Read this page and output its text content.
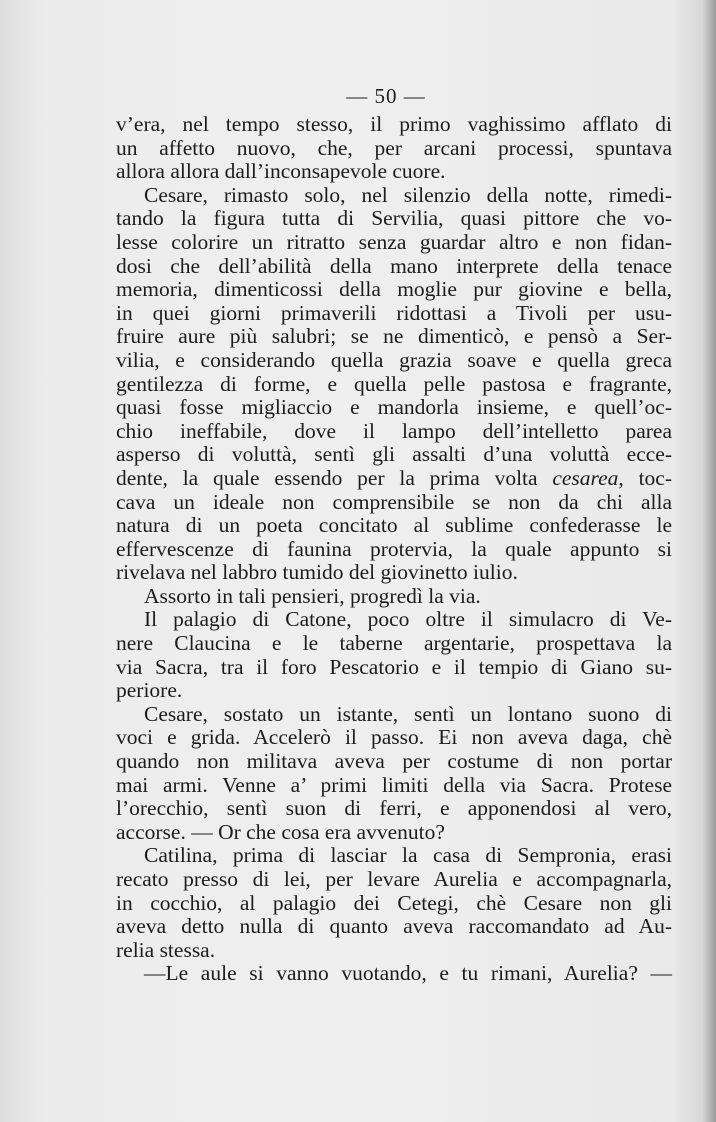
— 50 —
v’era, nel tempo stesso, il primo vaghissimo afflato di
un affetto nuovo, che, per arcani processi, spuntava
allora allora dall’inconsapevole cuore.
Cesare, rimasto solo, nel silenzio della notte, rimedi-
tando la figura tutta di Servilia, quasi pittore che vo-
lesse colorire un ritratto senza guardar altro e non fidan-
dosi che dell’abilità della mano interprete della tenace
memoria, dimenticossi della moglie pur giovine e bella,
in quei giorni primaverili ridottasi a Tivoli per usu-
fruire aure più salubri; se ne dimenticò, e pensò a Ser-
vilia, e considerando quella grazia soave e quella greca
gentilezza di forme, e quella pelle pastosa e fragrante,
quasi fosse migliaccio e mandorla insieme, e quell’oc-
chio ineffabile, dove il lampo dell’intelletto parea
asperso di voluttà, sentì gli assalti d’una voluttà ecce-
dente, la quale essendo per la prima volta cesarea, toc-
cava un ideale non comprensibile se non da chi alla
natura di un poeta concitato al sublime confederasse le
effervescenze di faunina protervia, la quale appunto si
rivelava nel labbro tumido del giovinetto iulio.
Assorto in tali pensieri, progredì la via.
Il palagio di Catone, poco oltre il simulacro di Ve-
nere Claucina e le taberne argentarie, prospettava la
via Sacra, tra il foro Pescatorio e il tempio di Giano su-
periore.
Cesare, sostato un istante, sentì un lontano suono di
voci e grida. Accelerò il passo. Ei non aveva daga, chè
quando non militava aveva per costume di non portar
mai armi. Venne a’ primi limiti della via Sacra. Protese
l’orecchio, sentì suon di ferri, e apponendosi al vero,
accorse. — Or che cosa era avvenuto?
Catilina, prima di lasciar la casa di Sempronia, erasi
recato presso di lei, per levare Aurelia e accompagnarla,
in cocchio, al palagio dei Cetegi, chè Cesare non gli
aveva detto nulla di quanto aveva raccomandato ad Au-
relia stessa.
—Le aule si vanno vuotando, e tu rimani, Aurelia? —
